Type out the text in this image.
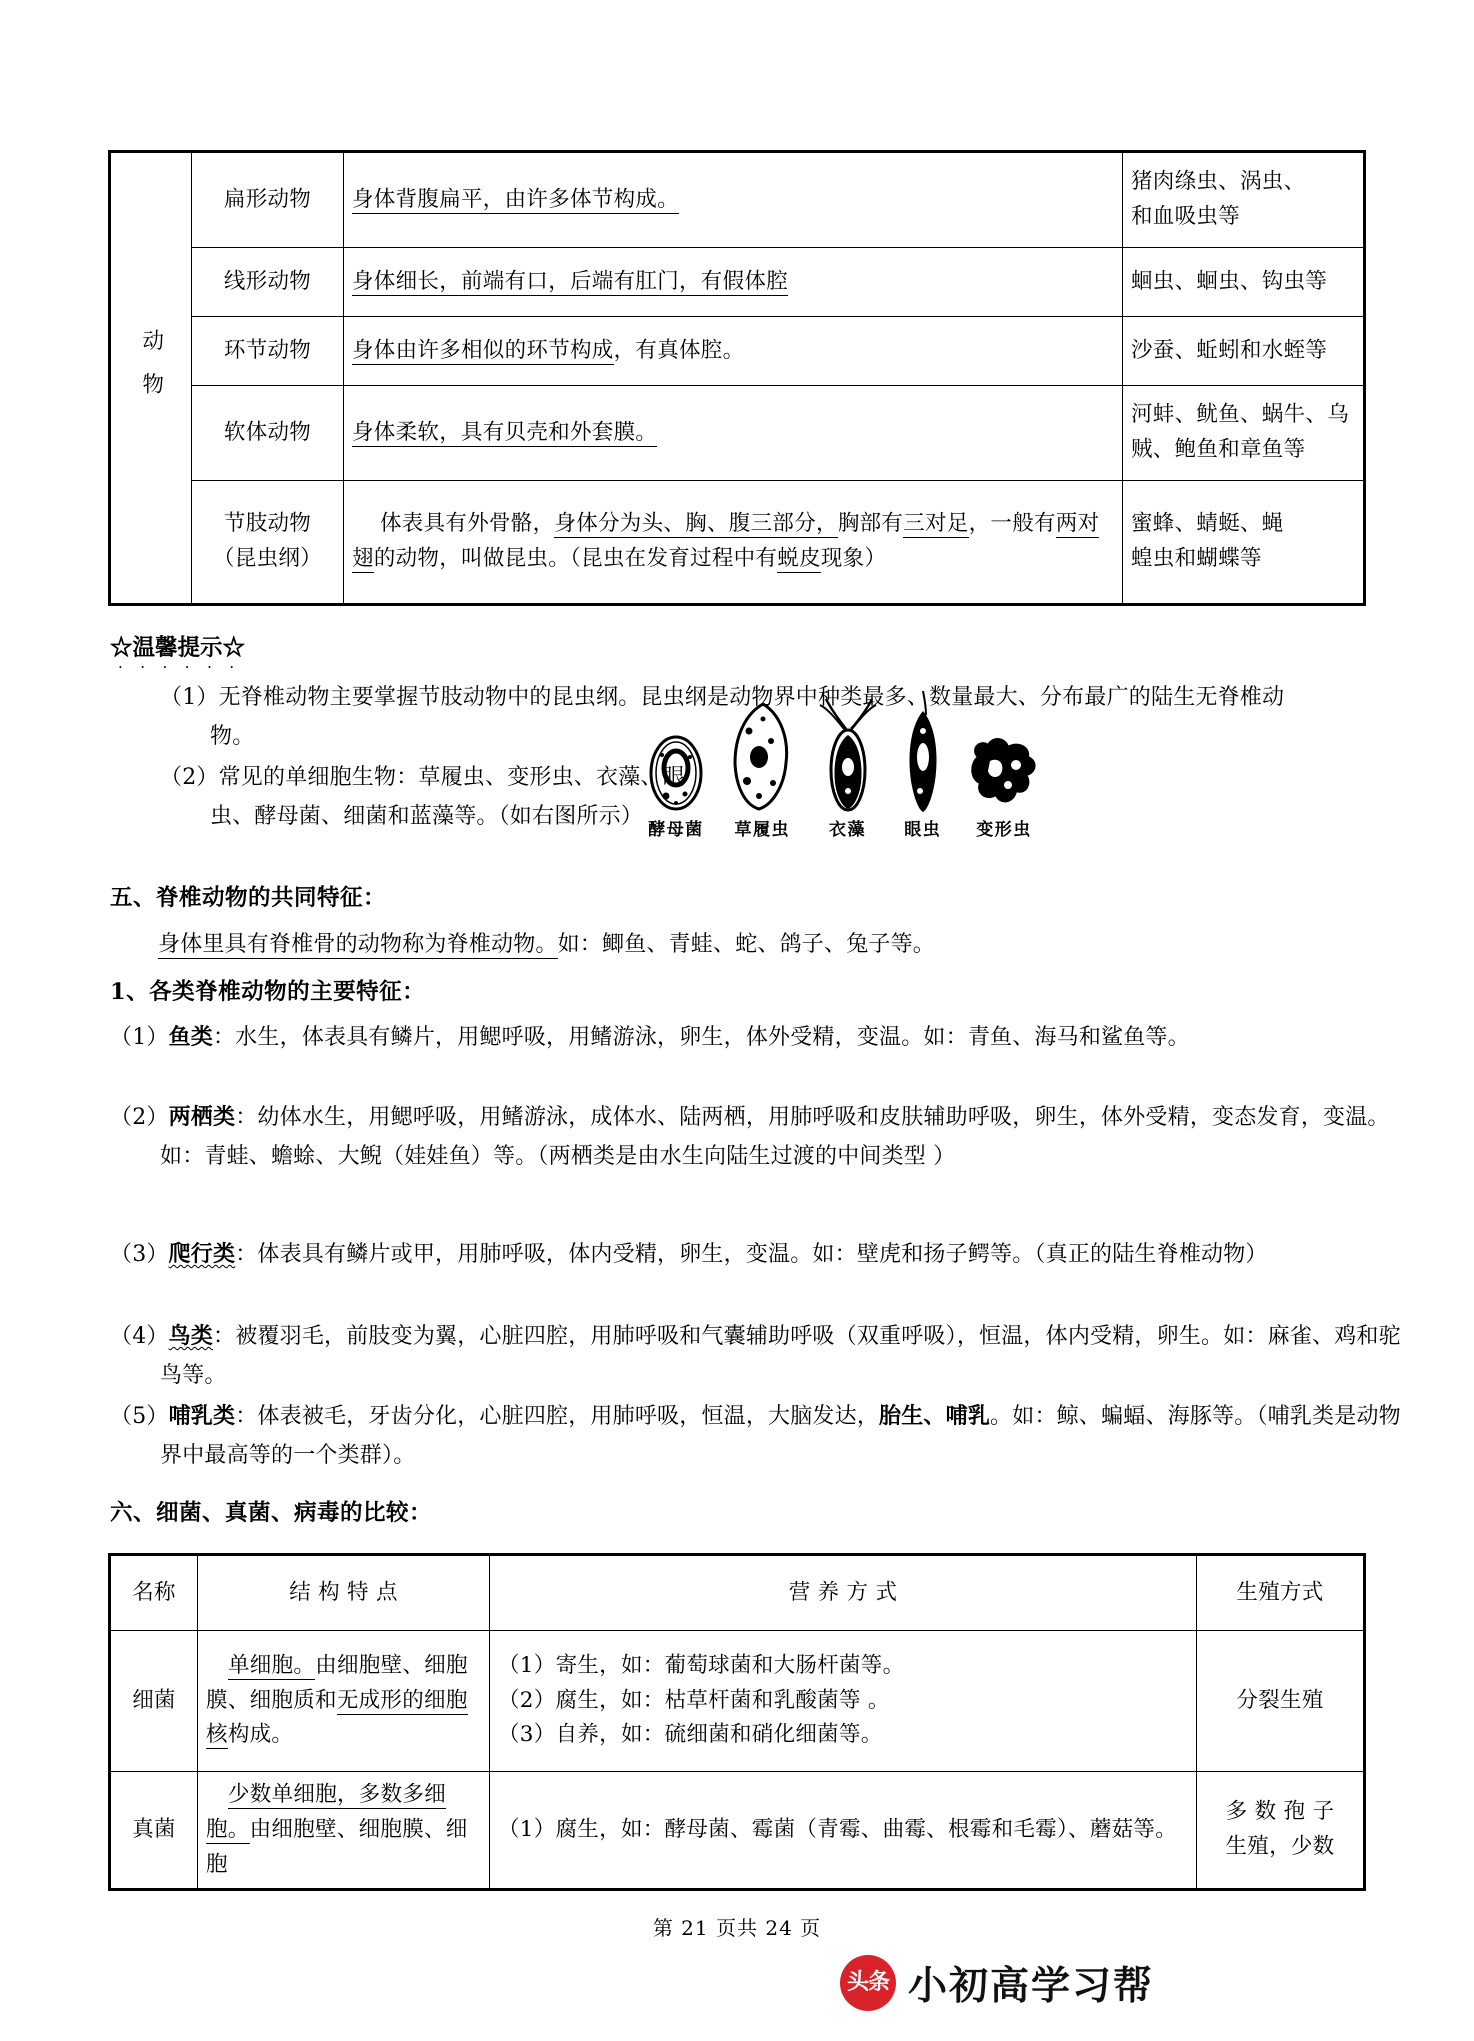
动物	扁形动物	身体背腹扁平，由许多体节构成。	猪肉绦虫、涡虫、
和血吸虫等
	线形动物	身体细长，前端有口，后端有肛门，有假体腔	蛔虫、蛔虫、钩虫等
	环节动物	身体由许多相似的环节构成，有真体腔。	沙蚕、蚯蚓和水蛭等
	软体动物	身体柔软，具有贝壳和外套膜。	河蚌、鱿鱼、蜗牛、乌
贼、鲍鱼和章鱼等
	节肢动物
（昆虫纲）	体表具有外骨骼，身体分为头、胸、腹三部分，胸部有三对足，一般有两对翅的动物，叫做昆虫。（昆虫在发育过程中有蜕皮现象）	蜜蜂、蜻蜓、蝇
蝗虫和蝴蝶等
☆温馨提示☆
······
（1）无脊椎动物主要掌握节肢动物中的昆虫纲。昆虫纲是动物界中种类最多、数量最大、分布最广的陆生无脊椎动物。
（2）常见的单细胞生物：草履虫、变形虫、衣藻、眼虫、酵母菌、细菌和蓝藻等。（如右图所示）
酵母菌	草履虫	衣藻	眼虫	变形虫
五、脊椎动物的共同特征：
身体里具有脊椎骨的动物称为脊椎动物。如：鲫鱼、青蛙、蛇、鸽子、兔子等。
1、各类脊椎动物的主要特征：
（1）鱼类：水生，体表具有鳞片，用鳃呼吸，用鳍游泳，卵生，体外受精，变温。如：青鱼、海马和鲨鱼等。
（2）两栖类：幼体水生，用鳃呼吸，用鳍游泳，成体水、陆两栖，用肺呼吸和皮肤辅助呼吸，卵生，体外受精，变态发育，变温。如：青蛙、蟾蜍、大鲵（娃娃鱼）等。（两栖类是由水生向陆生过渡的中间类型 ）
（3）爬行类：体表具有鳞片或甲，用肺呼吸，体内受精，卵生，变温。如：壁虎和扬子鳄等。（真正的陆生脊椎动物）
（4）鸟类：被覆羽毛，前肢变为翼，心脏四腔，用肺呼吸和气囊辅助呼吸（双重呼吸），恒温，体内受精，卵生。如：麻雀、鸡和驼鸟等。
（5）哺乳类：体表被毛，牙齿分化，心脏四腔，用肺呼吸，恒温，大脑发达，胎生、哺乳。如：鲸、蝙蝠、海豚等。（哺乳类是动物界中最高等的一个类群）。
六、细菌、真菌、病毒的比较：
名称	结 构 特 点	营 养 方 式	生殖方式
细菌	单细胞。由细胞壁、细胞膜、细胞质和无成形的细胞核构成。	（1）寄生，如：葡萄球菌和大肠杆菌等。
（2）腐生，如：枯草杆菌和乳酸菌等 。
（3）自养，如：硫细菌和硝化细菌等。	分裂生殖
真菌	少数单细胞，多数多细胞。由细胞壁、细胞膜、细胞	（1）腐生，如：酵母菌、霉菌（青霉、曲霉、根霉和毛霉）、蘑菇等。	多 数 孢 子
生殖，少数
第 21 页共 24 页
头条 小初高学习帮
